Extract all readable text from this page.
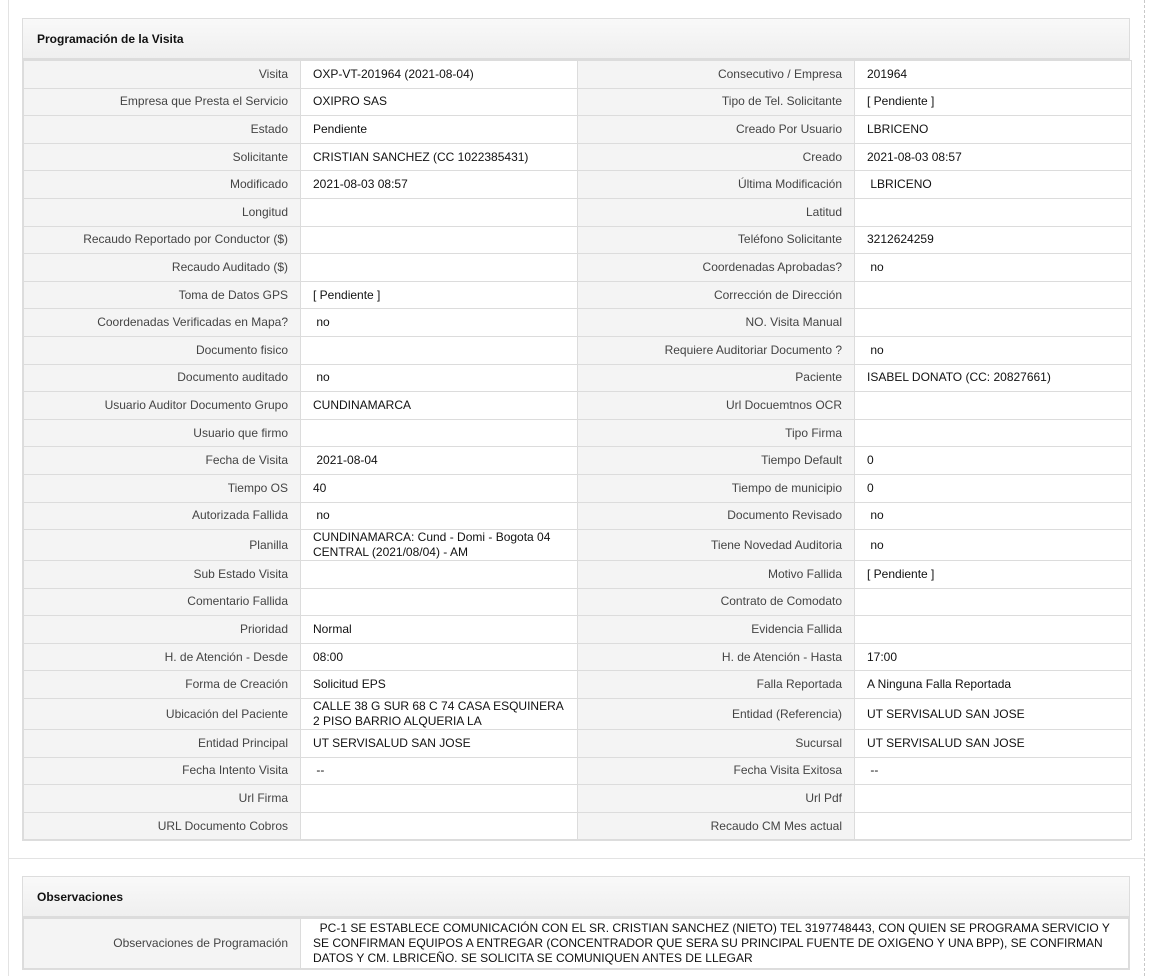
Programación de la Visita
Visita	OXP-VT-201964 (2021-08-04)	Consecutivo / Empresa	201964
Empresa que Presta el Servicio	OXIPRO SAS	Tipo de Tel. Solicitante	[ Pendiente ]
Estado	Pendiente	Creado Por Usuario	LBRICENO
Solicitante	CRISTIAN SANCHEZ (CC 1022385431)	Creado	2021-08-03 08:57
Modificado	2021-08-03 08:57	Última Modificación	LBRICENO
Longitud		Latitud	
Recaudo Reportado por Conductor ($)		Teléfono Solicitante	3212624259
Recaudo Auditado ($)		Coordenadas Aprobadas?	no
Toma de Datos GPS	[ Pendiente ]	Corrección de Dirección	
Coordenadas Verificadas en Mapa?	no	NO. Visita Manual	
Documento fisico		Requiere Auditoriar Documento ?	no
Documento auditado	no	Paciente	ISABEL DONATO (CC: 20827661)
Usuario Auditor Documento Grupo	CUNDINAMARCA	Url Docuemtnos OCR	
Usuario que firmo		Tipo Firma	
Fecha de Visita	2021-08-04	Tiempo Default	0
Tiempo OS	40	Tiempo de municipio	0
Autorizada Fallida	no	Documento Revisado	no
Planilla	CUNDINAMARCA: Cund - Domi - Bogota 04 CENTRAL (2021/08/04) - AM	Tiene Novedad Auditoria	no
Sub Estado Visita		Motivo Fallida	[ Pendiente ]
Comentario Fallida		Contrato de Comodato	
Prioridad	Normal	Evidencia Fallida	
H. de Atención - Desde	08:00	H. de Atención - Hasta	17:00
Forma de Creación	Solicitud EPS	Falla Reportada	A Ninguna Falla Reportada
Ubicación del Paciente	CALLE 38 G SUR 68 C 74 CASA ESQUINERA 2 PISO BARRIO ALQUERIA LA	Entidad (Referencia)	UT SERVISALUD SAN JOSE
Entidad Principal	UT SERVISALUD SAN JOSE	Sucursal	UT SERVISALUD SAN JOSE
Fecha Intento Visita	--	Fecha Visita Exitosa	--
Url Firma		Url Pdf	
URL Documento Cobros		Recaudo CM Mes actual	
Observaciones
Observaciones de Programación	PC-1 SE ESTABLECE COMUNICACIÓN CON EL SR. CRISTIAN SANCHEZ (NIETO) TEL 3197748443, CON QUIEN SE PROGRAMA SERVICIO Y SE CONFIRMAN EQUIPOS A ENTREGAR (CONCENTRADOR QUE SERA SU PRINCIPAL FUENTE DE OXIGENO Y UNA BPP), SE CONFIRMAN DATOS Y CM. LBRICEÑO. SE SOLICITA SE COMUNIQUEN ANTES DE LLEGAR
